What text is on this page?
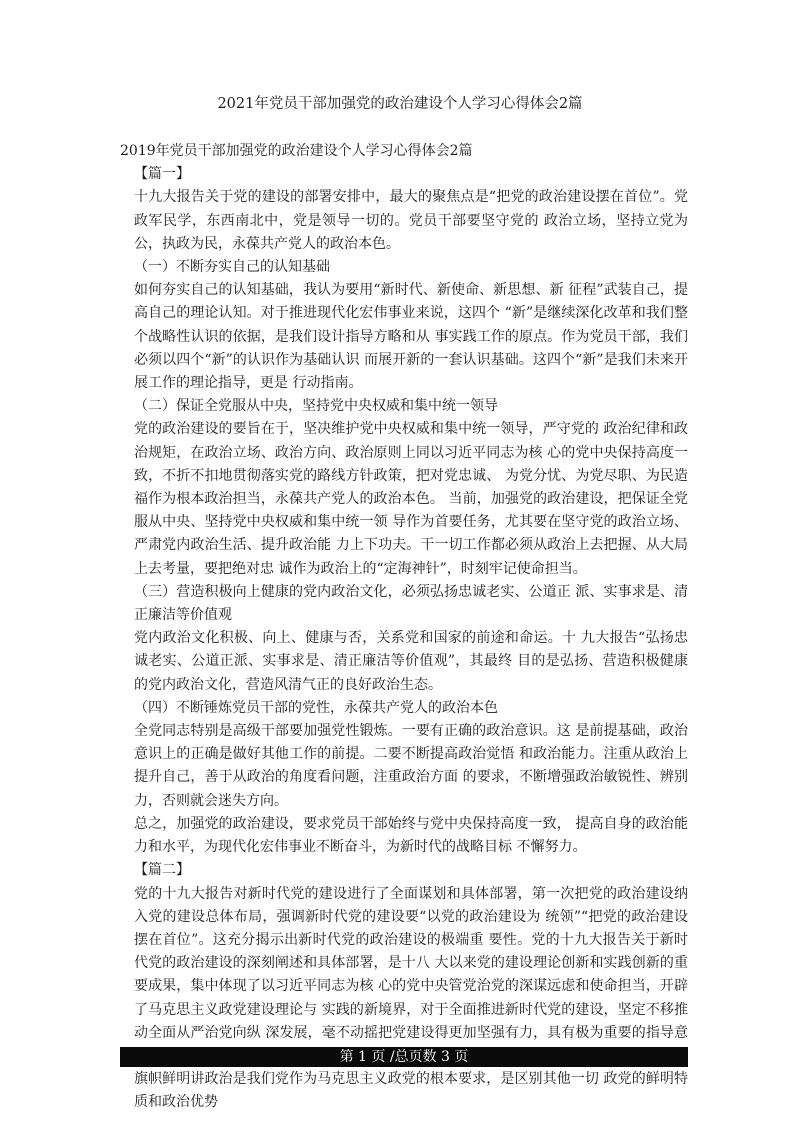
2021年党员干部加强党的政治建设个人学习心得体会2篇

2019年党员干部加强党的政治建设个人学习心得体会2篇

【篇一】

十九大报告关于党的建设的部署安排中，最大的聚焦点是“把党的政治建设摆在首位”。党政军民学，东西南北中，党是领导一切的。党员干部要坚守党的 政治立场，坚持立党为公，执政为民，永葆共产党人的政治本色。

（一）不断夯实自己的认知基础

如何夯实自己的认知基础，我认为要用“新时代、新使命、新思想、新 征程”武装自己，提高自己的理论认知。对于推进现代化宏伟事业来说，这四个 “新”是继续深化改革和我们整个战略性认识的依据，是我们设计指导方略和从 事实践工作的原点。作为党员干部，我们必须以四个“新”的认识作为基础认识 而展开新的一套认识基础。这四个“新”是我们未来开展工作的理论指导，更是 行动指南。

（二）保证全党服从中央，坚持党中央权威和集中统一领导

党的政治建设的要旨在于，坚决维护党中央权威和集中统一领导，严守党的 政治纪律和政治规矩，在政治立场、政治方向、政治原则上同以习近平同志为核 心的党中央保持高度一致，不折不扣地贯彻落实党的路线方针政策，把对党忠诚、 为党分忧、为党尽职、为民造福作为根本政治担当，永葆共产党人的政治本色。 当前，加强党的政治建设，把保证全党服从中央、坚持党中央权威和集中统一领 导作为首要任务，尤其要在坚守党的政治立场、严肃党内政治生活、提升政治能 力上下功夫。干一切工作都必须从政治上去把握、从大局上去考量，要把绝对忠 诚作为政治上的“定海神针”，时刻牢记使命担当。

（三）营造积极向上健康的党内政治文化，必须弘扬忠诚老实、公道正 派、实事求是、清正廉洁等价值观

党内政治文化积极、向上、健康与否，关系党和国家的前途和命运。十 九大报告“弘扬忠诚老实、公道正派、实事求是、清正廉洁等价值观”，其最终 目的是弘扬、营造积极健康的党内政治文化，营造风清气正的良好政治生态。

（四）不断锤炼党员干部的党性，永葆共产党人的政治本色

全党同志特别是高级干部要加强党性锻炼。一要有正确的政治意识。这 是前提基础，政治意识上的正确是做好其他工作的前提。二要不断提高政治觉悟 和政治能力。注重从政治上提升自己，善于从政治的角度看问题，注重政治方面 的要求，不断增强政治敏锐性、辨别力，否则就会迷失方向。

总之，加强党的政治建设，要求党员干部始终与党中央保持高度一致， 提高自身的政治能力和水平，为现代化宏伟事业不断奋斗，为新时代的战略目标 不懈努力。

【篇二】

党的十九大报告对新时代党的建设进行了全面谋划和具体部署，第一次把党的政治建设纳入党的建设总体布局，强调新时代党的建设要“以党的政治建设为 统领”“把党的政治建设摆在首位”。这充分揭示出新时代党的政治建设的极端重 要性。党的十九大报告关于新时代党的政治建设的深刻阐述和具体部署，是十八 大以来党的建设理论创新和实践创新的重要成果，集中体现了以习近平同志为核 心的党中央管党治党的深谋远虑和使命担当，开辟了马克思主义政党建设理论与 实践的新境界，对于全面推进新时代党的建设，坚定不移推动全面从严治党向纵 深发展，毫不动摇把党建设得更加坚强有力，具有极为重要的指导意

旗帜鲜明讲政治是我们党作为马克思主义政党的根本要求，是区别其他一切 政党的鲜明特质和政治优势

第 1 页 /总页数 3 页
